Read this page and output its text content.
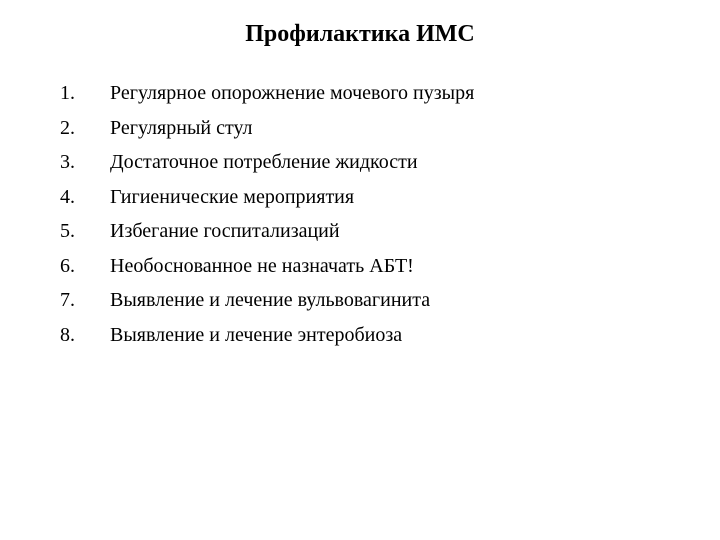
Профилактика ИМС
1.	Регулярное опорожнение мочевого пузыря
2.	Регулярный стул
3.	Достаточное потребление жидкости
4.	Гигиенические мероприятия
5.	Избегание госпитализаций
6.	Необоснованное не назначать АБТ!
7.	Выявление и лечение вульвовагинита
8.	Выявление и лечение энтеробиоза
